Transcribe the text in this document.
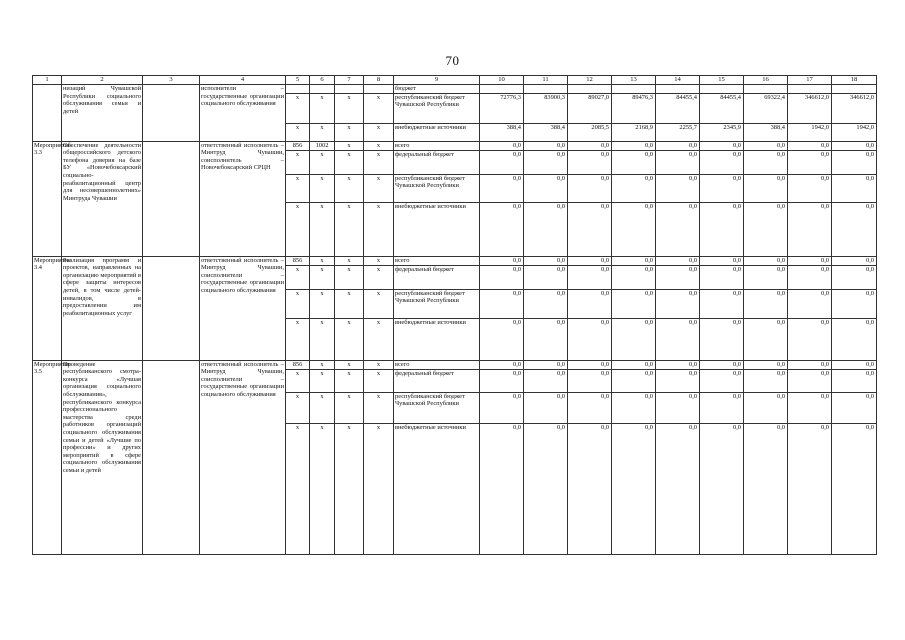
70
1	2	3	4	5	6	7	8	9	10	11	12	13	14	15	16	17	18
	низаций Чувашской Республики социального обслуживания семьи и детей		исполнители – государственные организации социального обслуживания					бюджет									
				x	x	x	x	республиканский бюджет Чувашской Республики	72776,3	83900,3	89027,0	89476,3	84455,4	84455,4	69322,4	346612,0	346612,0
				x	x	x	x	внебюджетные источники	388,4	388,4	2085,5	2168,9	2255,7	2345,9	388,4	1942,0	1942,0
Мероприятие 3.3	Обеспечение деятельности общероссийского детского телефона доверия на базе БУ «Новочебоксарский социально-реабилитационный центр для несовершеннолетних» Минтруда Чувашии		ответственный исполнитель – Минтруд Чувашии, соисполнитель – Новочебоксарский СРЦН	856	1002	x	x	всего	0,0	0,0	0,0	0,0	0,0	0,0	0,0	0,0	0,0
				x	x	x	x	федеральный бюджет	0,0	0,0	0,0	0,0	0,0	0,0	0,0	0,0	0,0
				x	x	x	x	республиканский бюджет Чувашской Республики	0,0	0,0	0,0	0,0	0,0	0,0	0,0	0,0	0,0
				x	x	x	x	внебюджетные источники	0,0	0,0	0,0	0,0	0,0	0,0	0,0	0,0	0,0
Мероприятие 3.4	Реализация программ и проектов, направленных на организацию мероприятий в сфере защиты интересов детей, в том числе детей-инвалидов, в предоставлении им реабилитационных услуг		ответственный исполнитель – Минтруд Чувашии, соисполнители – государственные организации социального обслуживания	856	x	x	x	всего	0,0	0,0	0,0	0,0	0,0	0,0	0,0	0,0	0,0
				x	x	x	x	федеральный бюджет	0,0	0,0	0,0	0,0	0,0	0,0	0,0	0,0	0,0
				x	x	x	x	республиканский бюджет Чувашской Республики	0,0	0,0	0,0	0,0	0,0	0,0	0,0	0,0	0,0
				x	x	x	x	внебюджетные источники	0,0	0,0	0,0	0,0	0,0	0,0	0,0	0,0	0,0
Мероприятие 3.5	Проведение республиканского смотра-конкурса «Лучшая организация социального обслуживания», республиканского конкурса профессионального мастерства среди работников организаций социального обслуживания семьи и детей «Лучшие по профессии» и других мероприятий в сфере социального обслуживания семьи и детей		ответственный исполнитель – Минтруд Чувашии, соисполнители – государственные организации социального обслуживания	856	x	x	x	всего	0,0	0,0	0,0	0,0	0,0	0,0	0,0	0,0	0,0
				x	x	x	x	федеральный бюджет	0,0	0,0	0,0	0,0	0,0	0,0	0,0	0,0	0,0
				x	x	x	x	республиканский бюджет Чувашской Республики	0,0	0,0	0,0	0,0	0,0	0,0	0,0	0,0	0,0
				x	x	x	x	внебюджетные источники	0,0	0,0	0,0	0,0	0,0	0,0	0,0	0,0	0,0
